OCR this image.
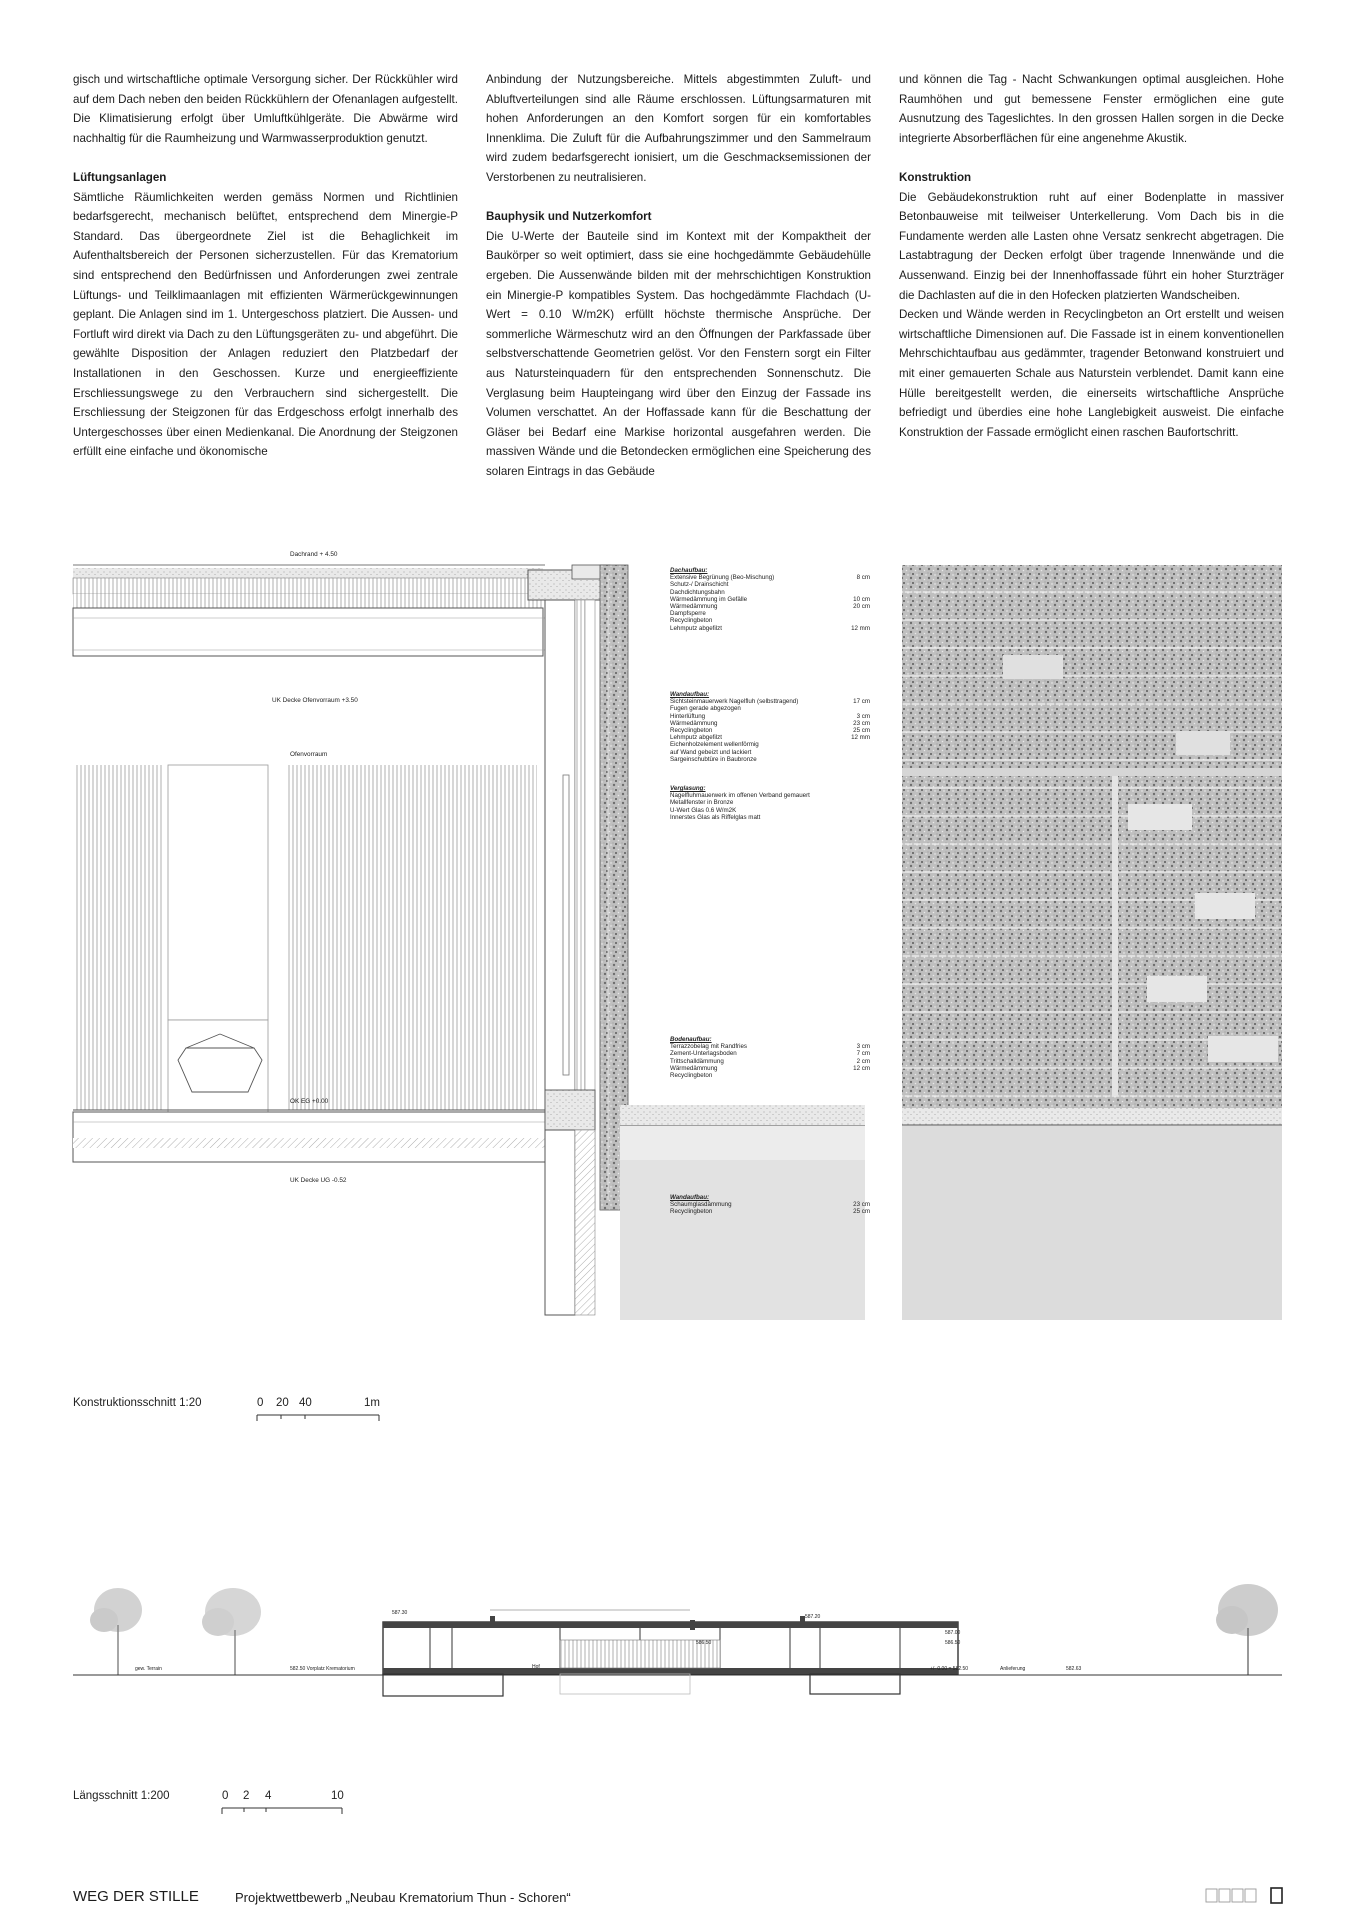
gisch und wirtschaftliche optimale Versorgung sicher. Der Rückkühler wird auf dem Dach neben den beiden Rückkühlern der Ofenanlagen aufgestellt. Die Klimatisierung erfolgt über Umluftkühlgeräte. Die Abwärme wird nachhaltig für die Raumheizung und Warmwasserproduktion genutzt.

Lüftungsanlagen

Sämtliche Räumlichkeiten werden gemäss Normen und Richtlinien bedarfsgerecht, mechanisch belüftet, entsprechend dem Minergie-P Standard. Das übergeordnete Ziel ist die Behaglichkeit im Aufenthaltsbereich der Personen sicherzustellen. Für das Krematorium sind entsprechend den Bedürfnissen und Anforderungen zwei zentrale Lüftungs- und Teilklimaanlagen mit effizienten Wärmerückgewinnungen geplant. Die Anlagen sind im 1. Untergeschoss platziert. Die Aussen- und Fortluft wird direkt via Dach zu den Lüftungsgeräten zu- und abgeführt. Die gewählte Disposition der Anlagen reduziert den Platzbedarf der Installationen in den Geschossen. Kurze und energieeffiziente Erschliessungswege zu den Verbrauchern sind sichergestellt. Die Erschliessung der Steigzonen für das Erdgeschoss erfolgt innerhalb des Untergeschosses über einen Medienkanal. Die Anordnung der Steigzonen erfüllt eine einfache und ökonomische

Anbindung der Nutzungsbereiche. Mittels abgestimmten Zuluft- und Abluftverteilungen sind alle Räume erschlossen. Lüftungsarmaturen mit hohen Anforderungen an den Komfort sorgen für ein komfortables Innenklima. Die Zuluft für die Aufbahrungszimmer und den Sammelraum wird zudem bedarfsgerecht ionisiert, um die Geschmacksemissionen der Verstorbenen zu neutralisieren.

Bauphysik und Nutzerkomfort

Die U-Werte der Bauteile sind im Kontext mit der Kompaktheit der Baukörper so weit optimiert, dass sie eine hochgedämmte Gebäudehülle ergeben. Die Aussenwände bilden mit der mehrschichtigen Konstruktion ein Minergie-P kompatibles System. Das hochgedämmte Flachdach (U-Wert = 0.10 W/m2K) erfüllt höchste thermische Ansprüche. Der sommerliche Wärmeschutz wird an den Öffnungen der Parkfassade über selbstverschattende Geometrien gelöst. Vor den Fenstern sorgt ein Filter aus Natursteinquadern für den entsprechenden Sonnenschutz. Die Verglasung beim Haupteingang wird über den Einzug der Fassade ins Volumen verschattet. An der Hoffassade kann für die Beschattung der Gläser bei Bedarf eine Markise horizontal ausgefahren werden. Die massiven Wände und die Betondecken ermöglichen eine Speicherung des solaren Eintrags in das Gebäude

und können die Tag - Nacht Schwankungen optimal ausgleichen. Hohe Raumhöhen und gut bemessene Fenster ermöglichen eine gute Ausnutzung des Tageslichtes. In den grossen Hallen sorgen in die Decke integrierte Absorberflächen für eine angenehme Akustik.

Konstruktion

Die Gebäudekonstruktion ruht auf einer Bodenplatte in massiver Betonbauweise mit teilweiser Unterkellerung. Vom Dach bis in die Fundamente werden alle Lasten ohne Versatz senkrecht abgetragen. Die Lastabtragung der Decken erfolgt über tragende Innenwände und die Aussenwand. Einzig bei der Innenhoffassade führt ein hoher Sturzträger die Dachlasten auf die in den Hofecken platzierten Wandscheiben.

Decken und Wände werden in Recyclingbeton an Ort erstellt und weisen wirtschaftliche Dimensionen auf. Die Fassade ist in einem konventionellen Mehrschichtaufbau aus gedämmter, tragender Betonwand konstruiert und mit einer gemauerten Schale aus Naturstein verblendet. Damit kann eine Hülle bereitgestellt werden, die einerseits wirtschaftliche Ansprüche befriedigt und überdies eine hohe Langlebigkeit ausweist. Die einfache Konstruktion der Fassade ermöglicht einen raschen Baufortschritt.

Dachrand + 4.50
UK Decke Ofenvorraum +3.50
Ofenvorraum
OK EG +0.00
UK Decke UG -0.52
Dachaufbau:
Extensive Begrünung (Beo-Mischung)	8 cm
Schutz-/ Drainschicht
Dachdichtungsbahn
Wärmedämmung im Gefälle	10 cm
Wärmedämmung	20 cm
Dampfsperre
Recyclingbeton
Lehmputz abgefilzt	12 mm
Wandaufbau:
Sichtsteinmauerwerk Nagelfluh (selbsttragend)	17 cm
Fugen gerade abgezogen
Hinterlüftung	3 cm
Wärmedämmung	23 cm
Recyclingbeton	25 cm
Lehmputz abgefilzt	12 mm
Eichenholzelement wellenförmig
auf Wand gebeizt und lackiert
Sargeinschubtüre in Baubronze
Verglasung:
Nagelfluhmauerwerk im offenen Verband gemauert
Metallfenster in Bronze
U-Wert Glas 0.6 W/m2K
Innerstes Glas als Riffelglas matt
Bodenaufbau:
Terrazzobelag mit Randfries	3 cm
Zement-Unterlagsboden	7 cm
Trittschalldämmung	2 cm
Wärmedämmung	12 cm
Recyclingbeton
Wandaufbau:
Schaumglasdämmung	23 cm
Recyclingbeton	25 cm
Konstruktionsschnitt 1:20	0 20 40	1m
gew. Terrain	582.50 Vorplatz Krematorium	Hof	+/- 0.00 = 582.50	Anlieferung	582.63
587.30
586.50
587.20
587.00
586.50
Längsschnitt 1:200	0 2 4	10
WEG DER STILLE	Projektwettbewerb „Neubau Krematorium Thun - Schoren“
